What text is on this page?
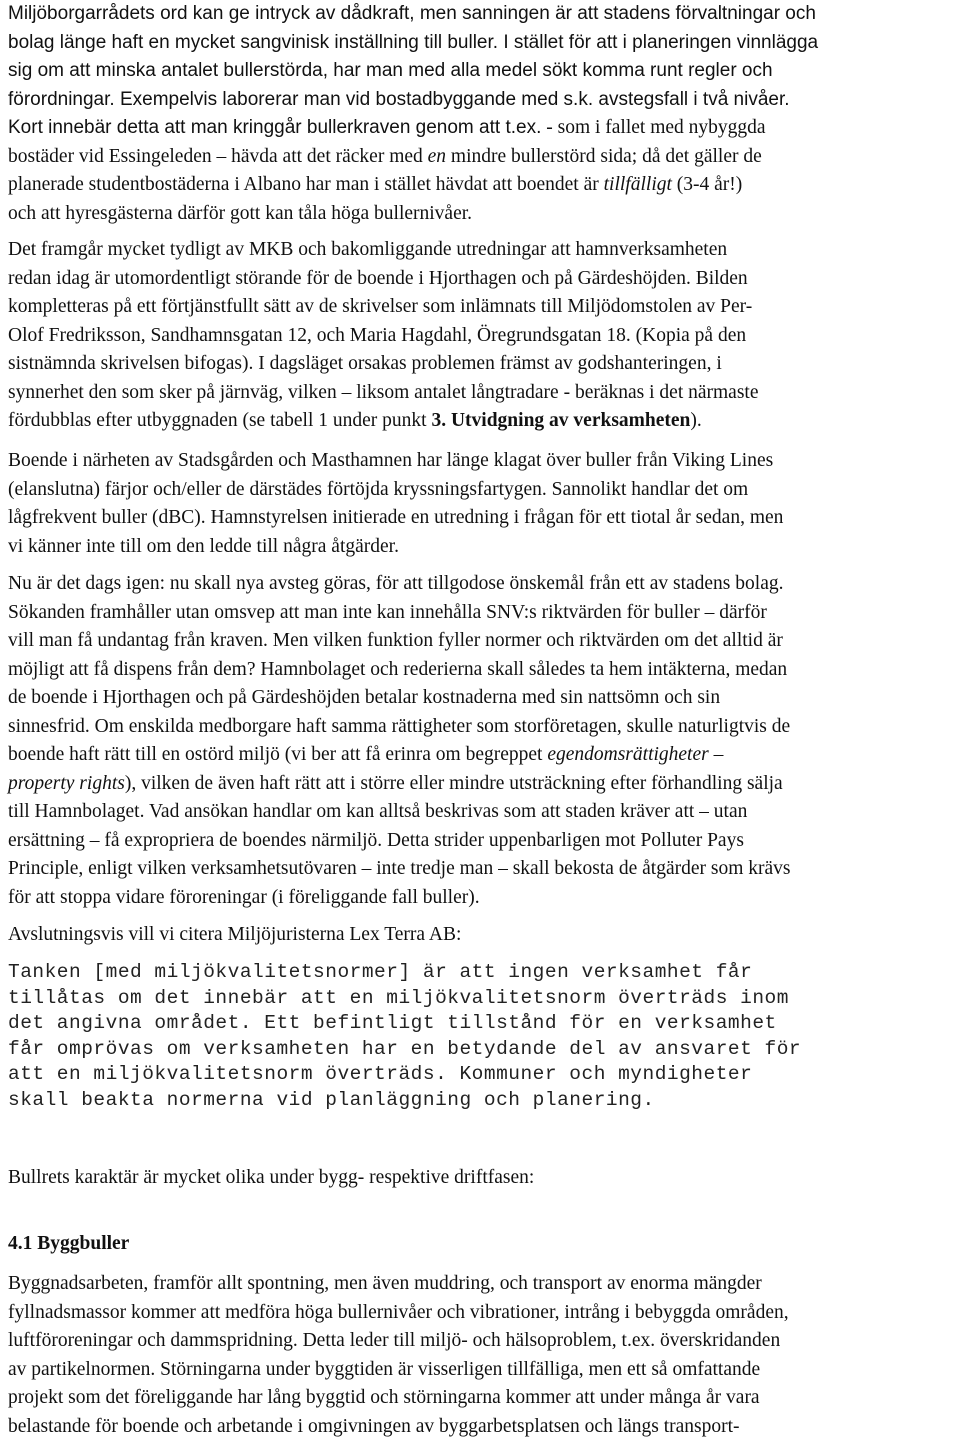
Miljöborgarrådets ord kan ge intryck av dådkraft, men sanningen är att stadens förvaltningar och
bolag länge haft en mycket sangvinisk inställning till buller. I stället för att i planeringen vinnlägga
sig om att minska antalet bullerstörda, har man med alla medel sökt komma runt regler och
förordningar. Exempelvis laborerar man vid bostadbyggande med s.k. avstegsfall i två nivåer.
Kort innebär detta att man kringgår bullerkraven genom att t.ex. - som i fallet med nybyggda
bostäder vid Essingeleden – hävda att det räcker med en mindre bullerstörd sida; då det gäller de
planerade studentbostäderna i Albano har man i stället hävdat att boendet är tillfälligt (3-4 år!)
och att hyresgästerna därför gott kan tåla höga bullernivåer.
Det framgår mycket tydligt av MKB och bakomliggande utredningar att hamnverksamheten
redan idag är utomordentligt störande för de boende i Hjorthagen och på Gärdeshöjden. Bilden
kompletteras på ett förtjänstfullt sätt av de skrivelser som inlämnats till Miljödomstolen av Per-
Olof Fredriksson, Sandhamnsgatan 12, och Maria Hagdahl, Öregrundsgatan 18. (Kopia på den
sistnämnda skrivelsen bifogas). I dagsläget orsakas problemen främst av godshanteringen, i
synnerhet den som sker på järnväg, vilken – liksom antalet långtradare - beräknas i det närmaste
fördubblas efter utbyggnaden (se tabell 1 under punkt 3. Utvidgning av verksamheten).
Boende i närheten av Stadsgården och Masthamnen har länge klagat över buller från Viking Lines
(elanslutna) färjor och/eller de därstädes förtöjda kryssningsfartygen. Sannolikt handlar det om
lågfrekvent buller (dBC). Hamnstyrelsen initierade en utredning i frågan för ett tiotal år sedan, men
vi känner inte till om den ledde till några åtgärder.
Nu är det dags igen: nu skall nya avsteg göras, för att tillgodose önskemål från ett av stadens bolag.
Sökanden framhåller utan omsvep att man inte kan innehålla SNV:s riktvärden för buller – därför
vill man få undantag från kraven. Men vilken funktion fyller normer och riktvärden om det alltid är
möjligt att få dispens från dem? Hamnbolaget och rederierna skall således ta hem intäkterna, medan
de boende i Hjorthagen och på Gärdeshöjden betalar kostnaderna med sin nattsömn och sin
sinnesfrid. Om enskilda medborgare haft samma rättigheter som storföretagen, skulle naturligtvis de
boende haft rätt till en ostörd miljö (vi ber att få erinra om begreppet egendomsrättigheter –
property rights), vilken de även haft rätt att i större eller mindre utsträckning efter förhandling sälja
till Hamnbolaget. Vad ansökan handlar om kan alltså beskrivas som att staden kräver att – utan
ersättning – få expropriera de boendes närmiljö. Detta strider uppenbarligen mot Polluter Pays
Principle, enligt vilken verksamhetsutövaren – inte tredje man – skall bekosta de åtgärder som krävs
för att stoppa vidare föroreningar (i föreliggande fall buller).
Avslutningsvis vill vi citera Miljöjuristerna Lex Terra AB:
Tanken [med miljökvalitetsnormer] är att ingen verksamhet får
tillåtas om det innebär att en miljökvalitetsnorm överträds inom
det angivna området. Ett befintligt tillstånd för en verksamhet
får omprövas om verksamheten har en betydande del av ansvaret för
att en miljökvalitetsnorm överträds. Kommuner och myndigheter
skall beakta normerna vid planläggning och planering.
Bullrets karaktär är mycket olika under bygg- respektive driftfasen:
4.1 Byggbuller
Byggnadsarbeten, framför allt spontning, men även muddring, och transport av enorma mängder
fyllnadsmassor kommer att medföra höga bullernivåer och vibrationer, intrång i bebyggda områden,
luftföroreningar och dammspridning. Detta leder till miljö- och hälsoproblem, t.ex. överskridanden
av partikelnormen. Störningarna under byggtiden är visserligen tillfälliga, men ett så omfattande
projekt som det föreliggande har lång byggtid och störningarna kommer att under många år vara
belastande för boende och arbetande i omgivningen av byggarbetsplatsen och längs transport-
